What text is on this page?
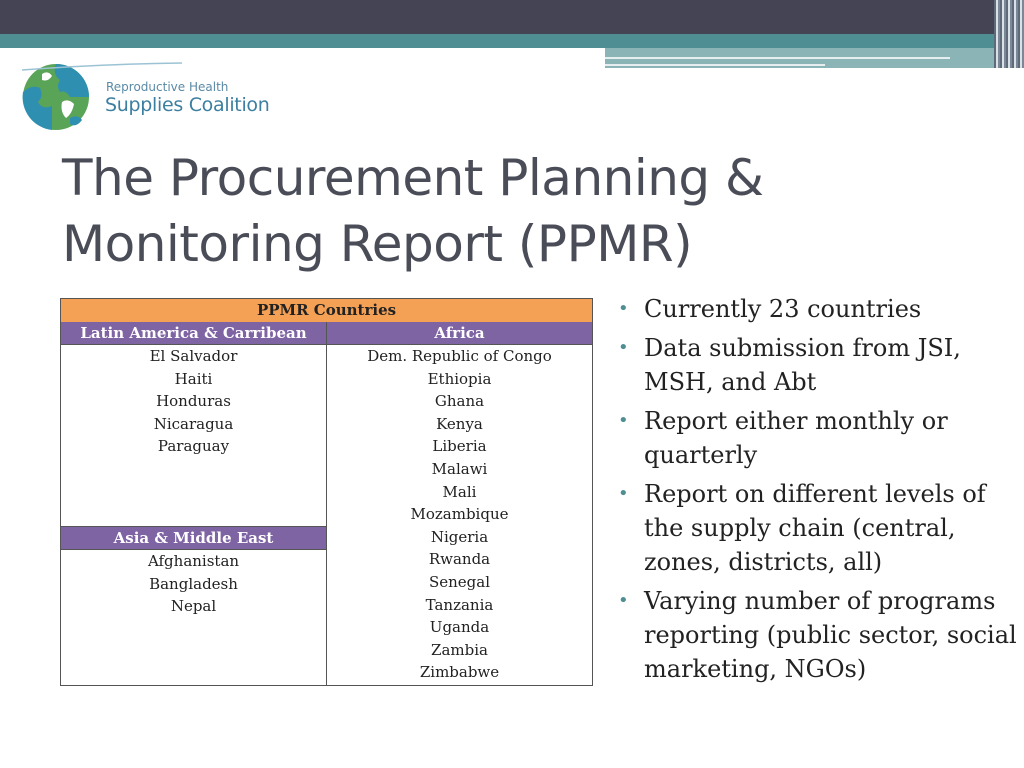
Reproductive Health
Supplies Coalition
The Procurement Planning &
Monitoring Report (PPMR)
PPMR Countries
Latin America & Carribean
El Salvador
Haiti
Honduras
Nicaragua
Paraguay
Asia & Middle East
Afghanistan
Bangladesh
Nepal
Africa
Dem. Republic of Congo
Ethiopia
Ghana
Kenya
Liberia
Malawi
Mali
Mozambique
Nigeria
Rwanda
Senegal
Tanzania
Uganda
Zambia
Zimbabwe
• Currently 23 countries
• Data submission from JSI, MSH, and Abt
• Report either monthly or quarterly
• Report on different levels of the supply chain (central, zones, districts, all)
• Varying number of programs reporting (public sector, social marketing, NGOs)
